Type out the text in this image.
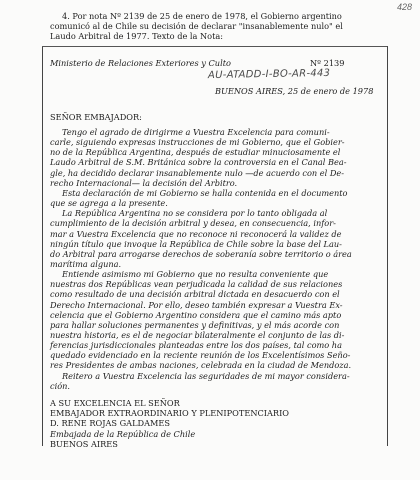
428
4. Por nota Nº 2139 de 25 de enero de 1978, el Gobierno argentino
comunicó al de Chile su decisión de declarar "insanablemente nulo" el
Laudo Arbitral de 1977. Texto de la Nota:
Ministerio de Relaciones Exteriores y Culto	Nº 2139
AU-ATADD-I-BO-AR-443
BUENOS AIRES, 25 de enero de 1978
SEÑOR EMBAJADOR:
Tengo el agrado de dirigirme a Vuestra Excelencia para comuni-
carle, siguiendo expresas instrucciones de mi Gobierno, que el Gobier-
no de la República Argentina, después de estudiar minuciosamente el
Laudo Arbitral de S.M. Británica sobre la controversia en el Canal Bea-
gle, ha decidido declarar insanablemente nulo —de acuerdo con el De-
recho Internacional— la decisión del Arbitro.
Esta declaración de mi Gobierno se halla contenida en el documento
que se agrega a la presente.
La República Argentina no se considera por lo tanto obligada al
cumplimiento de la decisión arbitral y desea, en consecuencia, infor-
mar a Vuestra Excelencia que no reconoce ni reconocerá la validez de
ningún título que invoque la República de Chile sobre la base del Lau-
do Arbitral para arrogarse derechos de soberanía sobre territorio o área
marítima alguna.
Entiende asimismo mi Gobierno que no resulta conveniente que
nuestras dos Repúblicas vean perjudicada la calidad de sus relaciones
como resultado de una decisión arbitral dictada en desacuerdo con el
Derecho Internacional. Por ello, deseo también expresar a Vuestra Ex-
celencia que el Gobierno Argentino considera que el camino más apto
para hallar soluciones permanentes y definitivas, y el más acorde con
nuestra historia, es el de negociar bilateralmente el conjunto de las di-
ferencias jurisdiccionales planteadas entre los dos países, tal como ha
quedado evidenciado en la reciente reunión de los Excelentísimos Seño-
res Presidentes de ambas naciones, celebrada en la ciudad de Mendoza.
Reitero a Vuestra Excelencia las seguridades de mi mayor considera-
ción.
A SU EXCELENCIA EL SEÑOR
EMBAJADOR EXTRAORDINARIO Y PLENIPOTENCIARIO
D. RENE ROJAS GALDAMES
Embajada de la República de Chile
BUENOS AIRES
